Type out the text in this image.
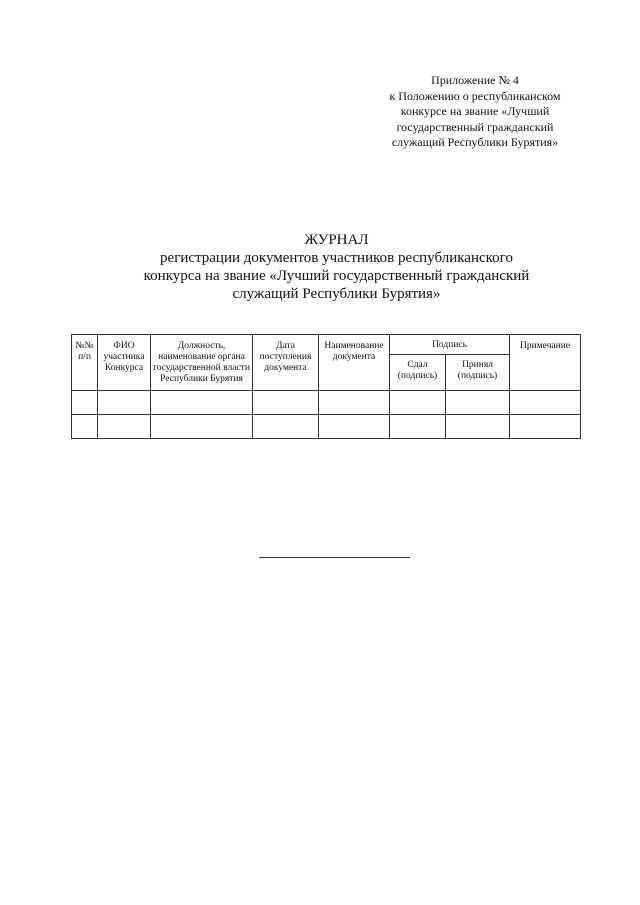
Приложение № 4
к Положению о республиканском
конкурсе на звание «Лучший
государственный гражданский
служащий Республики Бурятия»
ЖУРНАЛ
регистрации документов участников республиканского
конкурса на звание «Лучший государственный гражданский
служащий Республики Бурятия»
№№ п/п	ФИО участника Конкурса	Должность, наименование органа государственной власти Республики Бурятия	Дата поступления документа	Наименование документа	Подпись		Примечание
					Сдал (подпись)	Принял (подпись)	
